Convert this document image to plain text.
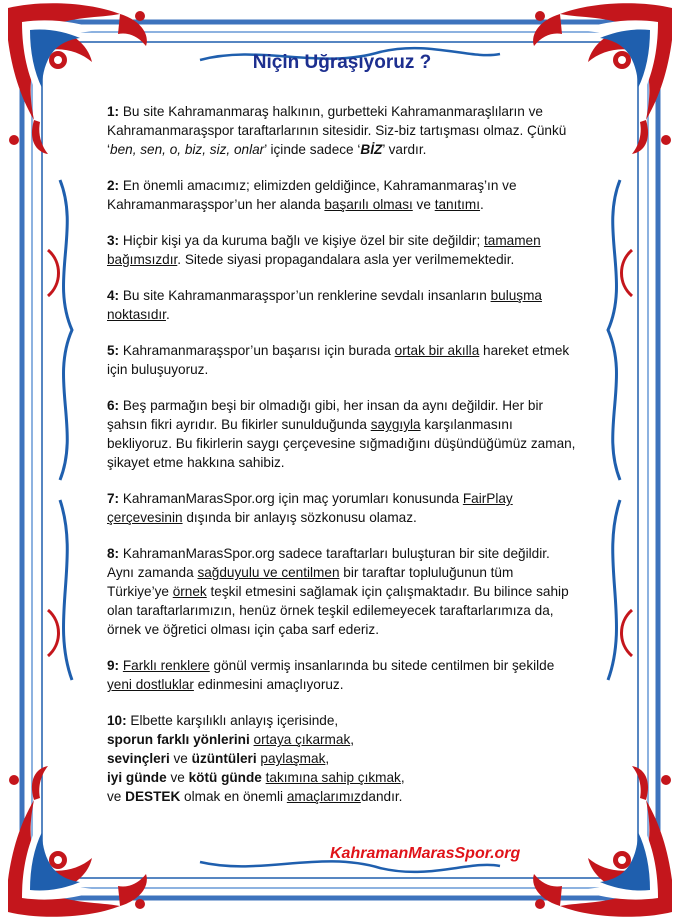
Niçin Uğraşıyoruz ?
1: Bu site Kahramanmaraş halkının, gurbetteki Kahramanmaraşlıların ve Kahramanmaraşspor taraftarlarının sitesidir. Siz-biz tartışması olmaz. Çünkü ‘ben, sen, o, biz, siz, onlar’ içinde sadece ‘BİZ’ vardır.
2: En önemli amacımız; elimizden geldiğince, Kahramanmaraş’ın ve Kahramanmaraşspor’un her alanda başarılı olması ve tanıtımı.
3: Hiçbir kişi ya da kuruma bağlı ve kişiye özel bir site değildir; tamamen bağımsızdır. Sitede siyasi propagandalara asla yer verilmemektedir.
4: Bu site Kahramanmaraşspor’un renklerine sevdalı insanların buluşma noktasıdır.
5: Kahramanmaraşspor’un başarısı için burada ortak bir akılla hareket etmek için buluşuyoruz.
6: Beş parmağın beşi bir olmadığı gibi, her insan da aynı değildir. Her bir şahsın fikri ayrıdır. Bu fikirler sunulduğunda saygıyla karşılanmasını bekliyoruz. Bu fikirlerin saygı çerçevesine sığmadığını düşündüğümüz zaman, şikayet etme hakkına sahibiz.
7: KahramanMarasSpor.org için maç yorumları konusunda FairPlay çerçevesinin dışında bir anlayış sözkonusu olamaz.
8: KahramanMarasSpor.org sadece taraftarları buluşturan bir site değildir. Aynı zamanda sağduyulu ve centilmen bir taraftar topluluğunun tüm Türkiye’ye örnek teşkil etmesini sağlamak için çalışmaktadır. Bu bilince sahip olan taraftarlarımızın, henüz örnek teşkil edilemeyecek taraftarlarımıza da, örnek ve öğretici olması için çaba sarf ederiz.
9: Farklı renklere gönül vermiş insanlarında bu sitede centilmen bir şekilde yeni dostluklar edinmesini amaçlıyoruz.
10: Elbette karşılıklı anlayış içerisinde,
sporun farklı yönlerini ortaya çıkarmak,
sevinçleri ve üzüntüleri paylaşmak,
iyi günde ve kötü günde takımına sahip çıkmak,
ve DESTEK olmak en önemli amaçlarımızdandır.
KahramanMarasSpor.org
